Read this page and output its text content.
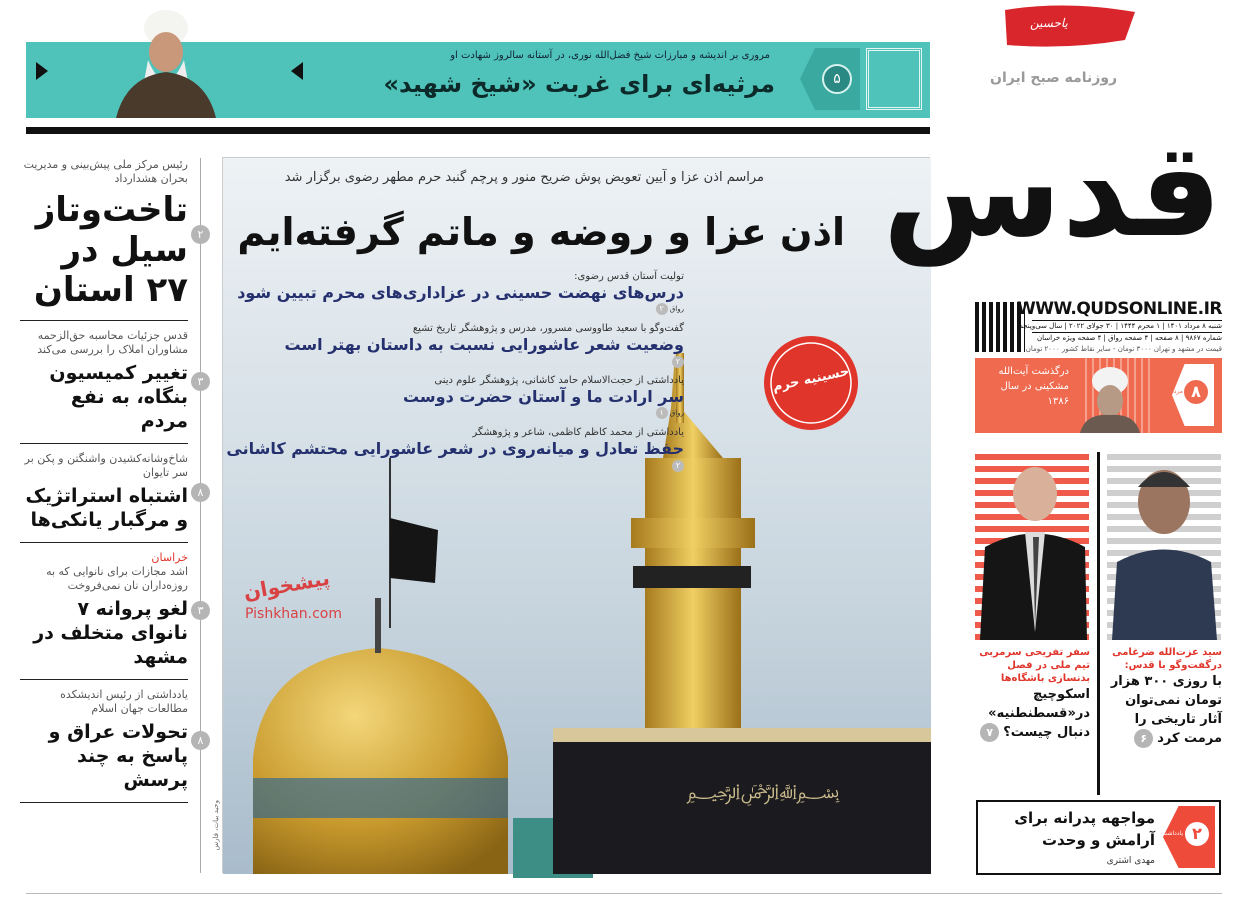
مروری بر اندیشه و مبارزات شیخ فضل‌الله نوری، در آستانه سالروز شهادت او
مرثیه‌ای برای غربت «شیخ شهید»	۵
رئیس مرکز ملی پیش‌بینی و مدیریت بحران هشدارداد
تاخت‌وتاز سیل در ۲۷ استان
۲
قدس جزئیات محاسبه حق‌الزحمه مشاوران املاک را بررسی می‌کند
تغییر کمیسیون بنگاه، به نفع مردم
۳
شاخ‌وشانه‌کشیدن واشنگتن و پکن بر سر تایوان
اشتباه استراتژیک و مرگبار یانکی‌ها
۸
خراسان
اشد مجازات برای نانوایی که به روزه‌داران نان نمی‌فروخت
لغو پروانه ۷ نانوای متخلف در مشهد
۳
یادداشتی از رئیس اندیشکده مطالعات جهان اسلام
تحولات عراق و پاسخ به چند پرسش
۸
وحید بیات، فارس
﷽
حسینیه حرم
مراسم اذن عزا و آیین تعویض پوش ضریح منور و پرچم گنبد حرم مطهر رضوی برگزار شد
اذن عزا و روضه و ماتم گرفته‌ایم
پیشخوان
Pishkhan.com
تولیت آستان قدس رضوی:
درس‌های نهضت حسینی در عزاداری‌های محرم تبیین شود
رواق ۲
گفت‌وگو با سعید طاووسی مسرور، مدرس و پژوهشگر تاریخ تشیع
وضعیت شعر عاشورایی نسبت به داستان بهتر است
۲
یادداشتی از حجت‌الاسلام حامد کاشانی، پژوهشگر علوم دینی
سر ارادت ما و آستان حضرت دوست
رواق ۱
یادداشتی از محمد کاظم کاظمی، شاعر و پژوهشگر
حفظ تعادل و میانه‌روی در شعر عاشورایی محتشم کاشانی
۲
یاحسین
روزنامه صبح ایران
قدس
WWW.QUDSONLINE.IR
شنبه ۸ مرداد ۱۴۰۱ | ۱ محرم ۱۴۴۴ | ۳۰ جولای ۲۰۲۲ | سال سی‌وپنجم
شماره ۹۸۶۷ | ۸ صفحه | ۴ صفحه رواق | ۴ صفحه ویژه خراسان
قیمت در مشهد و تهران ۳۰۰۰ تومان - سایر نقاط کشور ۲۰۰۰ تومان
۸
مرداد
درگذشت آیت‌الله مشکینی در سال ۱۳۸۶
سید عزت‌الله ضرغامی درگفت‌وگو با قدس:
با روزی ۳۰۰ هزار تومان نمی‌توان آثار تاریخی را مرمت کرد۶
سفر تفریحی سرمربی تیم ملی در فصل بدنسازی باشگاه‌ها
اسکوچیچ در«قسطنطنیه» دنبال چیست؟۷
یادداشت ۲
مواجهه پدرانه برای آرامش و وحدت
مهدی اشتری
